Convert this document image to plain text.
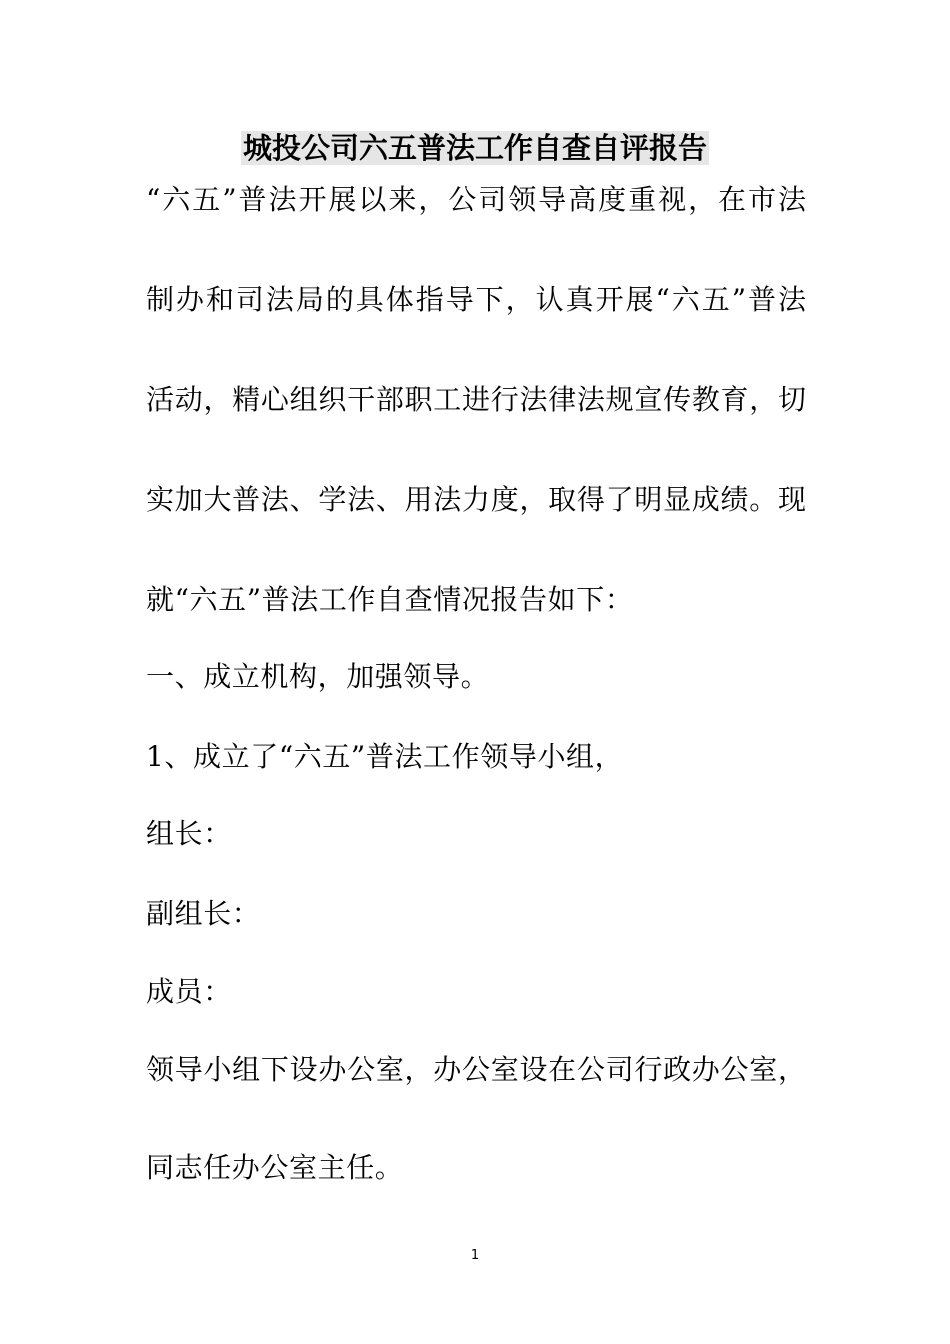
城投公司六五普法工作自查自评报告
“六五”普法开展以来，公司领导高度重视，在市法
制办和司法局的具体指导下，认真开展“六五”普法
活动，精心组织干部职工进行法律法规宣传教育，切
实加大普法、学法、用法力度，取得了明显成绩。现
就“六五”普法工作自查情况报告如下：
一、成立机构，加强领导。
1、成立了“六五”普法工作领导小组，
组长：
副组长：
成员：
领导小组下设办公室，办公室设在公司行政办公室，
同志任办公室主任。
1
